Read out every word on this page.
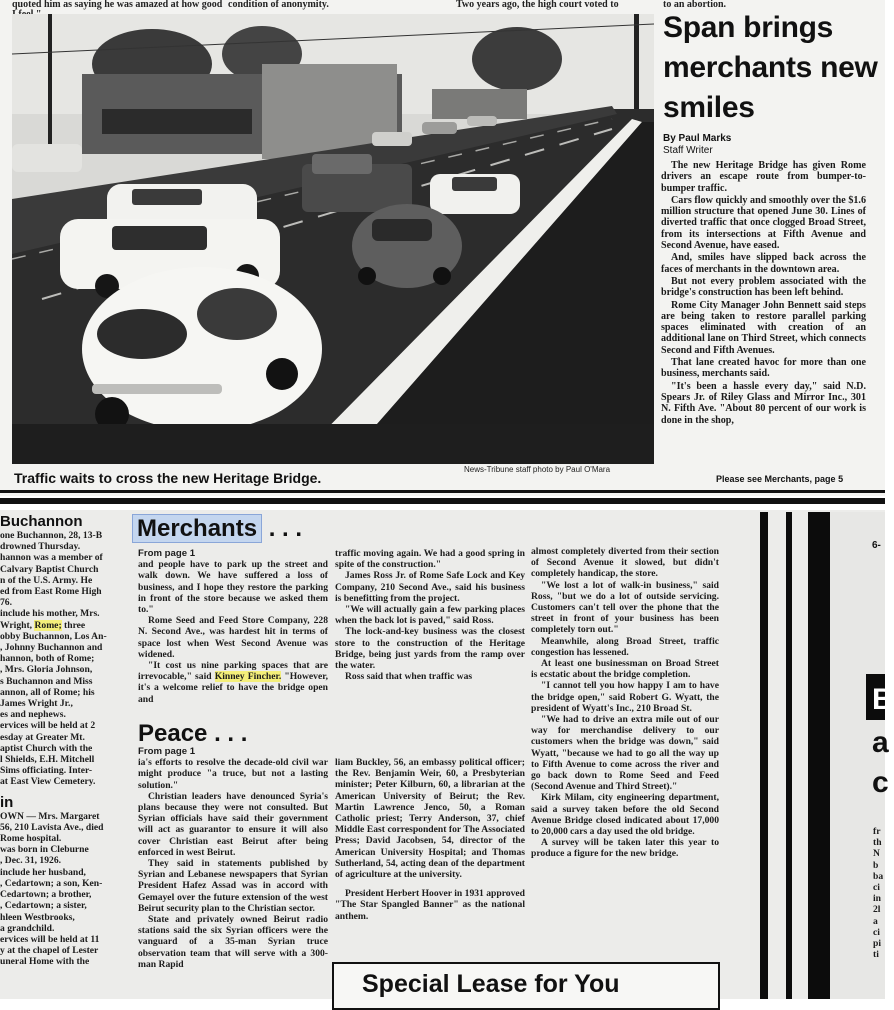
quoted him as saying he was amazed at how good condition of anonymity.	Two years ago, the high court voted to	to an abortion.
Traffic waits to cross the new Heritage Bridge.
News-Tribune staff photo by Paul O'Mara
Span brings merchants new smiles
By Paul Marks
Staff Writer

The new Heritage Bridge has given Rome drivers an escape route from bumper-to-bumper traffic.

Cars flow quickly and smoothly over the $1.6 million structure that opened June 30. Lines of diverted traffic that once clogged Broad Street, from its intersections at Fifth Avenue and Second Avenue, have eased.

And, smiles have slipped back across the faces of merchants in the downtown area.

But not every problem associated with the bridge's construction has been left behind.

Rome City Manager John Bennett said steps are being taken to restore parallel parking spaces eliminated with creation of an additional lane on Third Street, which connects Second and Fifth Avenues.

That lane created havoc for more than one business, merchants said.

"It's been a hassle every day," said N.D. Spears Jr. of Riley Glass and Mirror Inc., 301 N. Fifth Ave. "About 80 percent of our work is done in the shop,

Please see Merchants, page 5
Buchannon

one Buchannon, 28, 13-B

drowned Thursday.

hannon was a member of

Calvary Baptist Church

n of the U.S. Army. He

ed from East Rome High

76.

include his mother, Mrs.

Wright, Rome; three

obby Buchannon, Los An-

, Johnny Buchannon and

hannon, both of Rome;

, Mrs. Gloria Johnson,

s Buchannon and Miss

annon, all of Rome; his

James Wright Jr.,

es and nephews.

ervices will be held at 2

esday at Greater Mt.

aptist Church with the

l Shields, E.H. Mitchell

Sims officiating. Inter-

at East View Cemetery.

in

OWN — Mrs. Margaret

56, 210 Lavista Ave., died

Rome hospital.

was born in Cleburne

, Dec. 31, 1926.

include her husband,

, Cedartown; a son, Ken-

Cedartown; a brother,

, Cedartown; a sister,

hleen Westbrooks,

a grandchild.

ervices will be held at 11

y at the chapel of Lester

uneral Home with the

Merchants . . .

From page 1

and people have to park up the street and walk down. We have suffered a loss of business, and I hope they restore the parking in front of the store because we asked them to."

Rome Seed and Feed Store Company, 228 N. Second Ave., was hardest hit in terms of space lost when West Second Avenue was widened.

"It cost us nine parking spaces that are irrevocable," said Kinney Fincher. "However, it's a welcome relief to have the bridge open and

traffic moving again. We had a good spring in spite of the construction."

James Ross Jr. of Rome Safe Lock and Key Company, 210 Second Ave., said his business is benefitting from the project.

"We will actually gain a few parking places when the back lot is paved," said Ross.

The lock-and-key business was the closest store to the construction of the Heritage Bridge, being just yards from the ramp over the water.

Ross said that when traffic was

almost completely diverted from their section of Second Avenue it slowed, but didn't completely handicap, the store.

"We lost a lot of walk-in business," said Ross, "but we do a lot of outside servicing. Customers can't tell over the phone that the street in front of your business has been completely torn out."

Meanwhile, along Broad Street, traffic congestion has lessened.

At least one businessman on Broad Street is ecstatic about the bridge completion.

"I cannot tell you how happy I am to have the bridge open," said Robert G. Wyatt, the president of Wyatt's Inc., 210 Broad St.

"We had to drive an extra mile out of our way for merchandise delivery to our customers when the bridge was down," said Wyatt, "because we had to go all the way up to Fifth Avenue to come across the river and go back down to Rome Seed and Feed (Second Avenue and Third Street)."

Kirk Milam, city engineering department, said a survey taken before the old Second Avenue Bridge closed indicated about 17,000 to 20,000 cars a day used the old bridge.

A survey will be taken later this year to produce a figure for the new bridge.

Peace . . .

From page 1

ia's efforts to resolve the decade-old civil war might produce "a truce, but not a lasting solution."

Christian leaders have denounced Syria's plans because they were not consulted. But Syrian officials have said their government will act as guarantor to ensure it will also cover Christian east Beirut after being enforced in west Beirut.

They said in statements published by Syrian and Lebanese newspapers that Syrian President Hafez Assad was in accord with Gemayel over the future extension of the west Beirut security plan to the Christian sector.

State and privately owned Beirut radio stations said the six Syrian officers were the vanguard of a 35-man Syrian truce observation team that will serve with a 300-man Rapid

liam Buckley, 56, an embassy political officer; the Rev. Benjamin Weir, 60, a Presbyterian minister; Peter Kilburn, 60, a librarian at the American University of Beirut; the Rev. Martin Lawrence Jenco, 50, a Roman Catholic priest; Terry Anderson, 37, chief Middle East correspondent for The Associated Press; David Jacobsen, 54, director of the American University Hospital; and Thomas Sutherland, 54, acting dean of the department of agriculture at the university.

President Herbert Hoover in 1931 approved "The Star Spangled Banner" as the national anthem.

Special Lease for You
6-
B
a
c

fr

th

N

b

ba

ci

in

2l

a

ci

pi

ti
